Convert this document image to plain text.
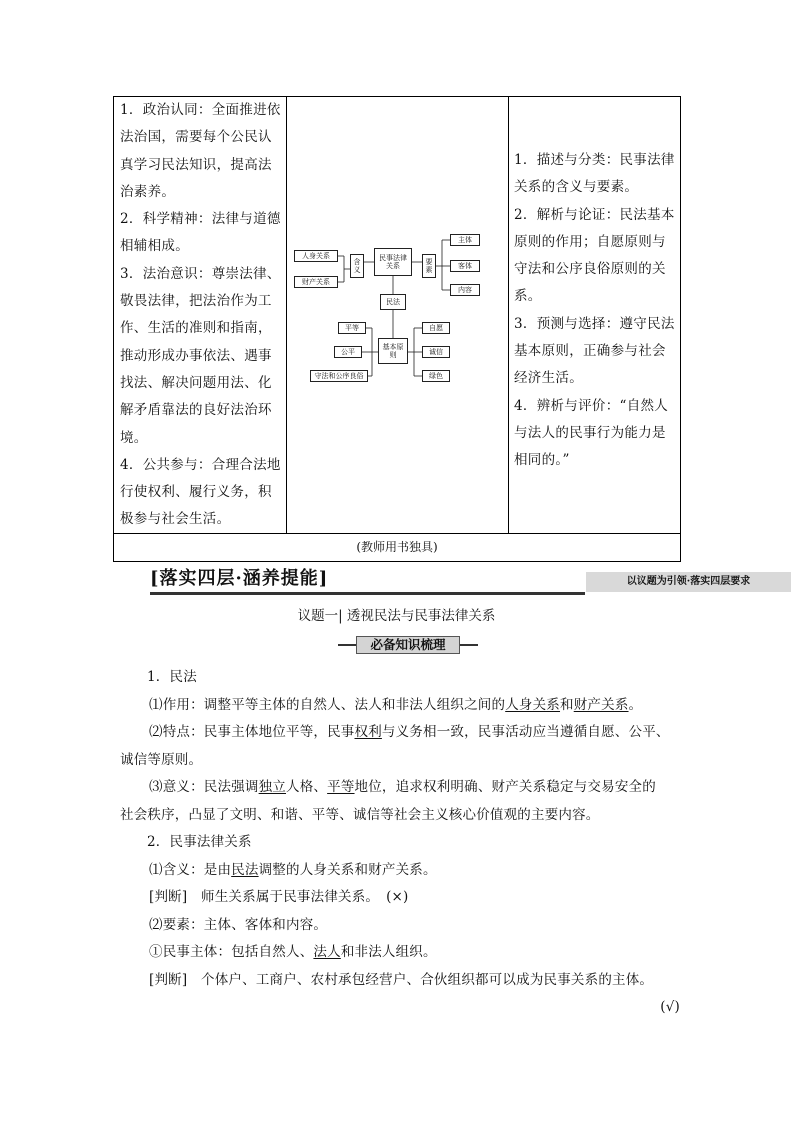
1．政治认同：全面推进依

法治国，需要每个公民认

真学习民法知识，提高法

治素养。

2．科学精神：法律与道德

相辅相成。

3．法治意识：尊崇法律、

敬畏法律，把法治作为工

作、生活的准则和指南，

推动形成办事依法、遇事

找法、解决问题用法、化

解矛盾靠法的良好法治环

境。

4．公共参与：合理合法地

行使权利、履行义务，积

极参与社会生活。

1．描述与分类：民事法律

关系的含义与要素。

2．解析与论证：民法基本

原则的作用；自愿原则与

守法和公序良俗原则的关

系。

3．预测与选择：遵守民法

基本原则，正确参与社会

经济生活。

4．辨析与评价：“自然人

与法人的民事行为能力是

相同的。”

(教师用书独具)
人身关系
财产关系
含义
民事法律关系	要素
主体
客体
内容
民法
基本原则
平等
公平
守法和公序良俗
自愿
诚信
绿色
[落实四层·涵养提能]	以议题为引领·落实四层要求
议题一| 透视民法与民事法律关系
必备知识梳理

1．民法

⑴作用：调整平等主体的自然人、法人和非法人组织之间的人身关系和财产关系。

⑵特点：民事主体地位平等，民事权利与义务相一致，民事活动应当遵循自愿、公平、

诚信等原则。

⑶意义：民法强调独立人格、平等地位，追求权利明确、财产关系稳定与交易安全的

社会秩序，凸显了文明、和谐、平等、诚信等社会主义核心价值观的主要内容。

2．民事法律关系

⑴含义：是由民法调整的人身关系和财产关系。

[判断]　师生关系属于民事法律关系。　(×)

⑵要素：主体、客体和内容。

①民事主体：包括自然人、法人和非法人组织。

[判断]　个体户、工商户、农村承包经营户、合伙组织都可以成为民事关系的主体。

(√)
